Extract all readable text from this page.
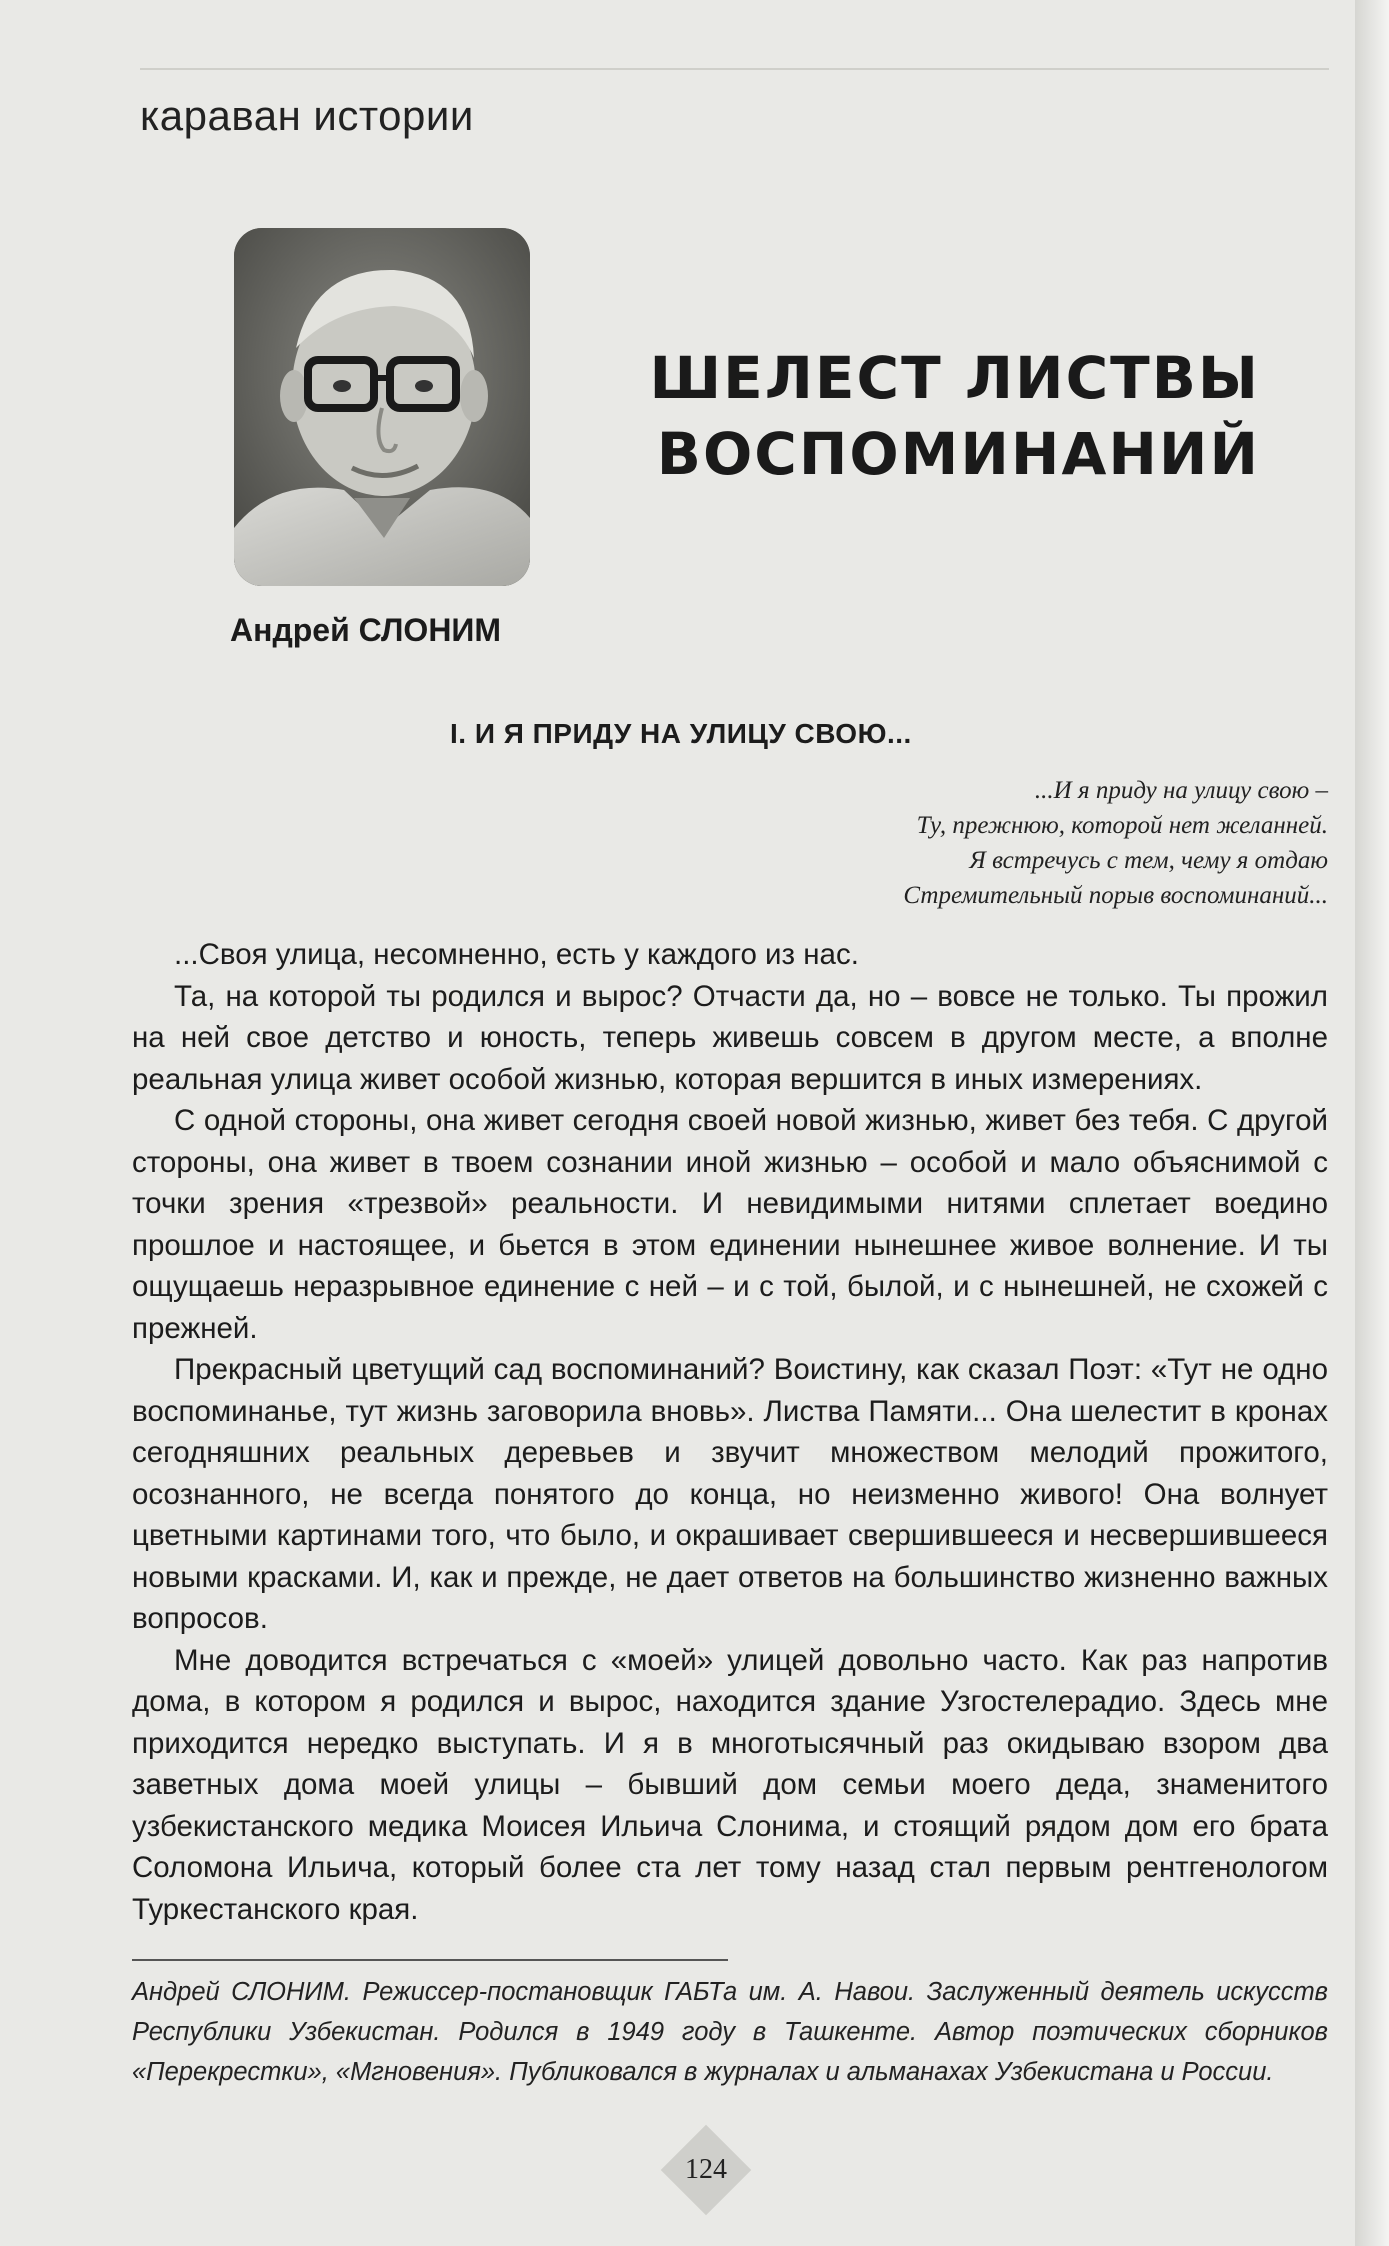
караван истории
Андрей СЛОНИМ
ШЕЛЕСТ ЛИСТВЫ
ВОСПОМИНАНИЙ
I. И Я ПРИДУ НА УЛИЦУ СВОЮ...
...И я приду на улицу свою –
Ту, прежнюю, которой нет желанней.
Я встречусь с тем, чему я отдаю
Стремительный порыв воспоминаний...

...Своя улица, несомненно, есть у каждого из нас.

Та, на которой ты родился и вырос? Отчасти да, но – вовсе не только. Ты прожил на ней свое детство и юность, теперь живешь совсем в другом месте, а вполне реальная улица живет особой жизнью, которая вершится в иных измерениях.

С одной стороны, она живет сегодня своей новой жизнью, живет без тебя. С другой стороны, она живет в твоем сознании иной жизнью – особой и мало объяснимой с точки зрения «трезвой» реальности. И невидимыми нитями сплетает воедино прошлое и настоящее, и бьется в этом единении нынешнее живое волнение. И ты ощущаешь неразрывное единение с ней – и с той, былой, и с нынешней, не схожей с прежней.

Прекрасный цветущий сад воспоминаний? Воистину, как сказал Поэт: «Тут не одно воспоминанье, тут жизнь заговорила вновь». Листва Памяти... Она шелестит в кронах сегодняшних реальных деревьев и звучит множеством мелодий прожитого, осознанного, не всегда понятого до конца, но неизменно живого! Она волнует цветными картинами того, что было, и окрашивает свершившееся и несвершившееся новыми красками. И, как и прежде, не дает ответов на большинство жизненно важных вопросов.

Мне доводится встречаться с «моей» улицей довольно часто. Как раз напротив дома, в котором я родился и вырос, находится здание Узгостелерадио. Здесь мне приходится нередко выступать. И я в многотысячный раз окидываю взором два заветных дома моей улицы – бывший дом семьи моего деда, знаменитого узбекистанского медика Моисея Ильича Слонима, и стоящий рядом дом его брата Соломона Ильича, который более ста лет тому назад стал первым рентгенологом Туркестанского края.

Андрей СЛОНИМ. Режиссер-постановщик ГАБТа им. А. Навои. Заслуженный деятель искусств Республики Узбекистан. Родился в 1949 году в Ташкенте. Автор поэтических сборников «Перекрестки», «Мгновения». Публиковался в журналах и альманахах Узбекистана и России.
124
